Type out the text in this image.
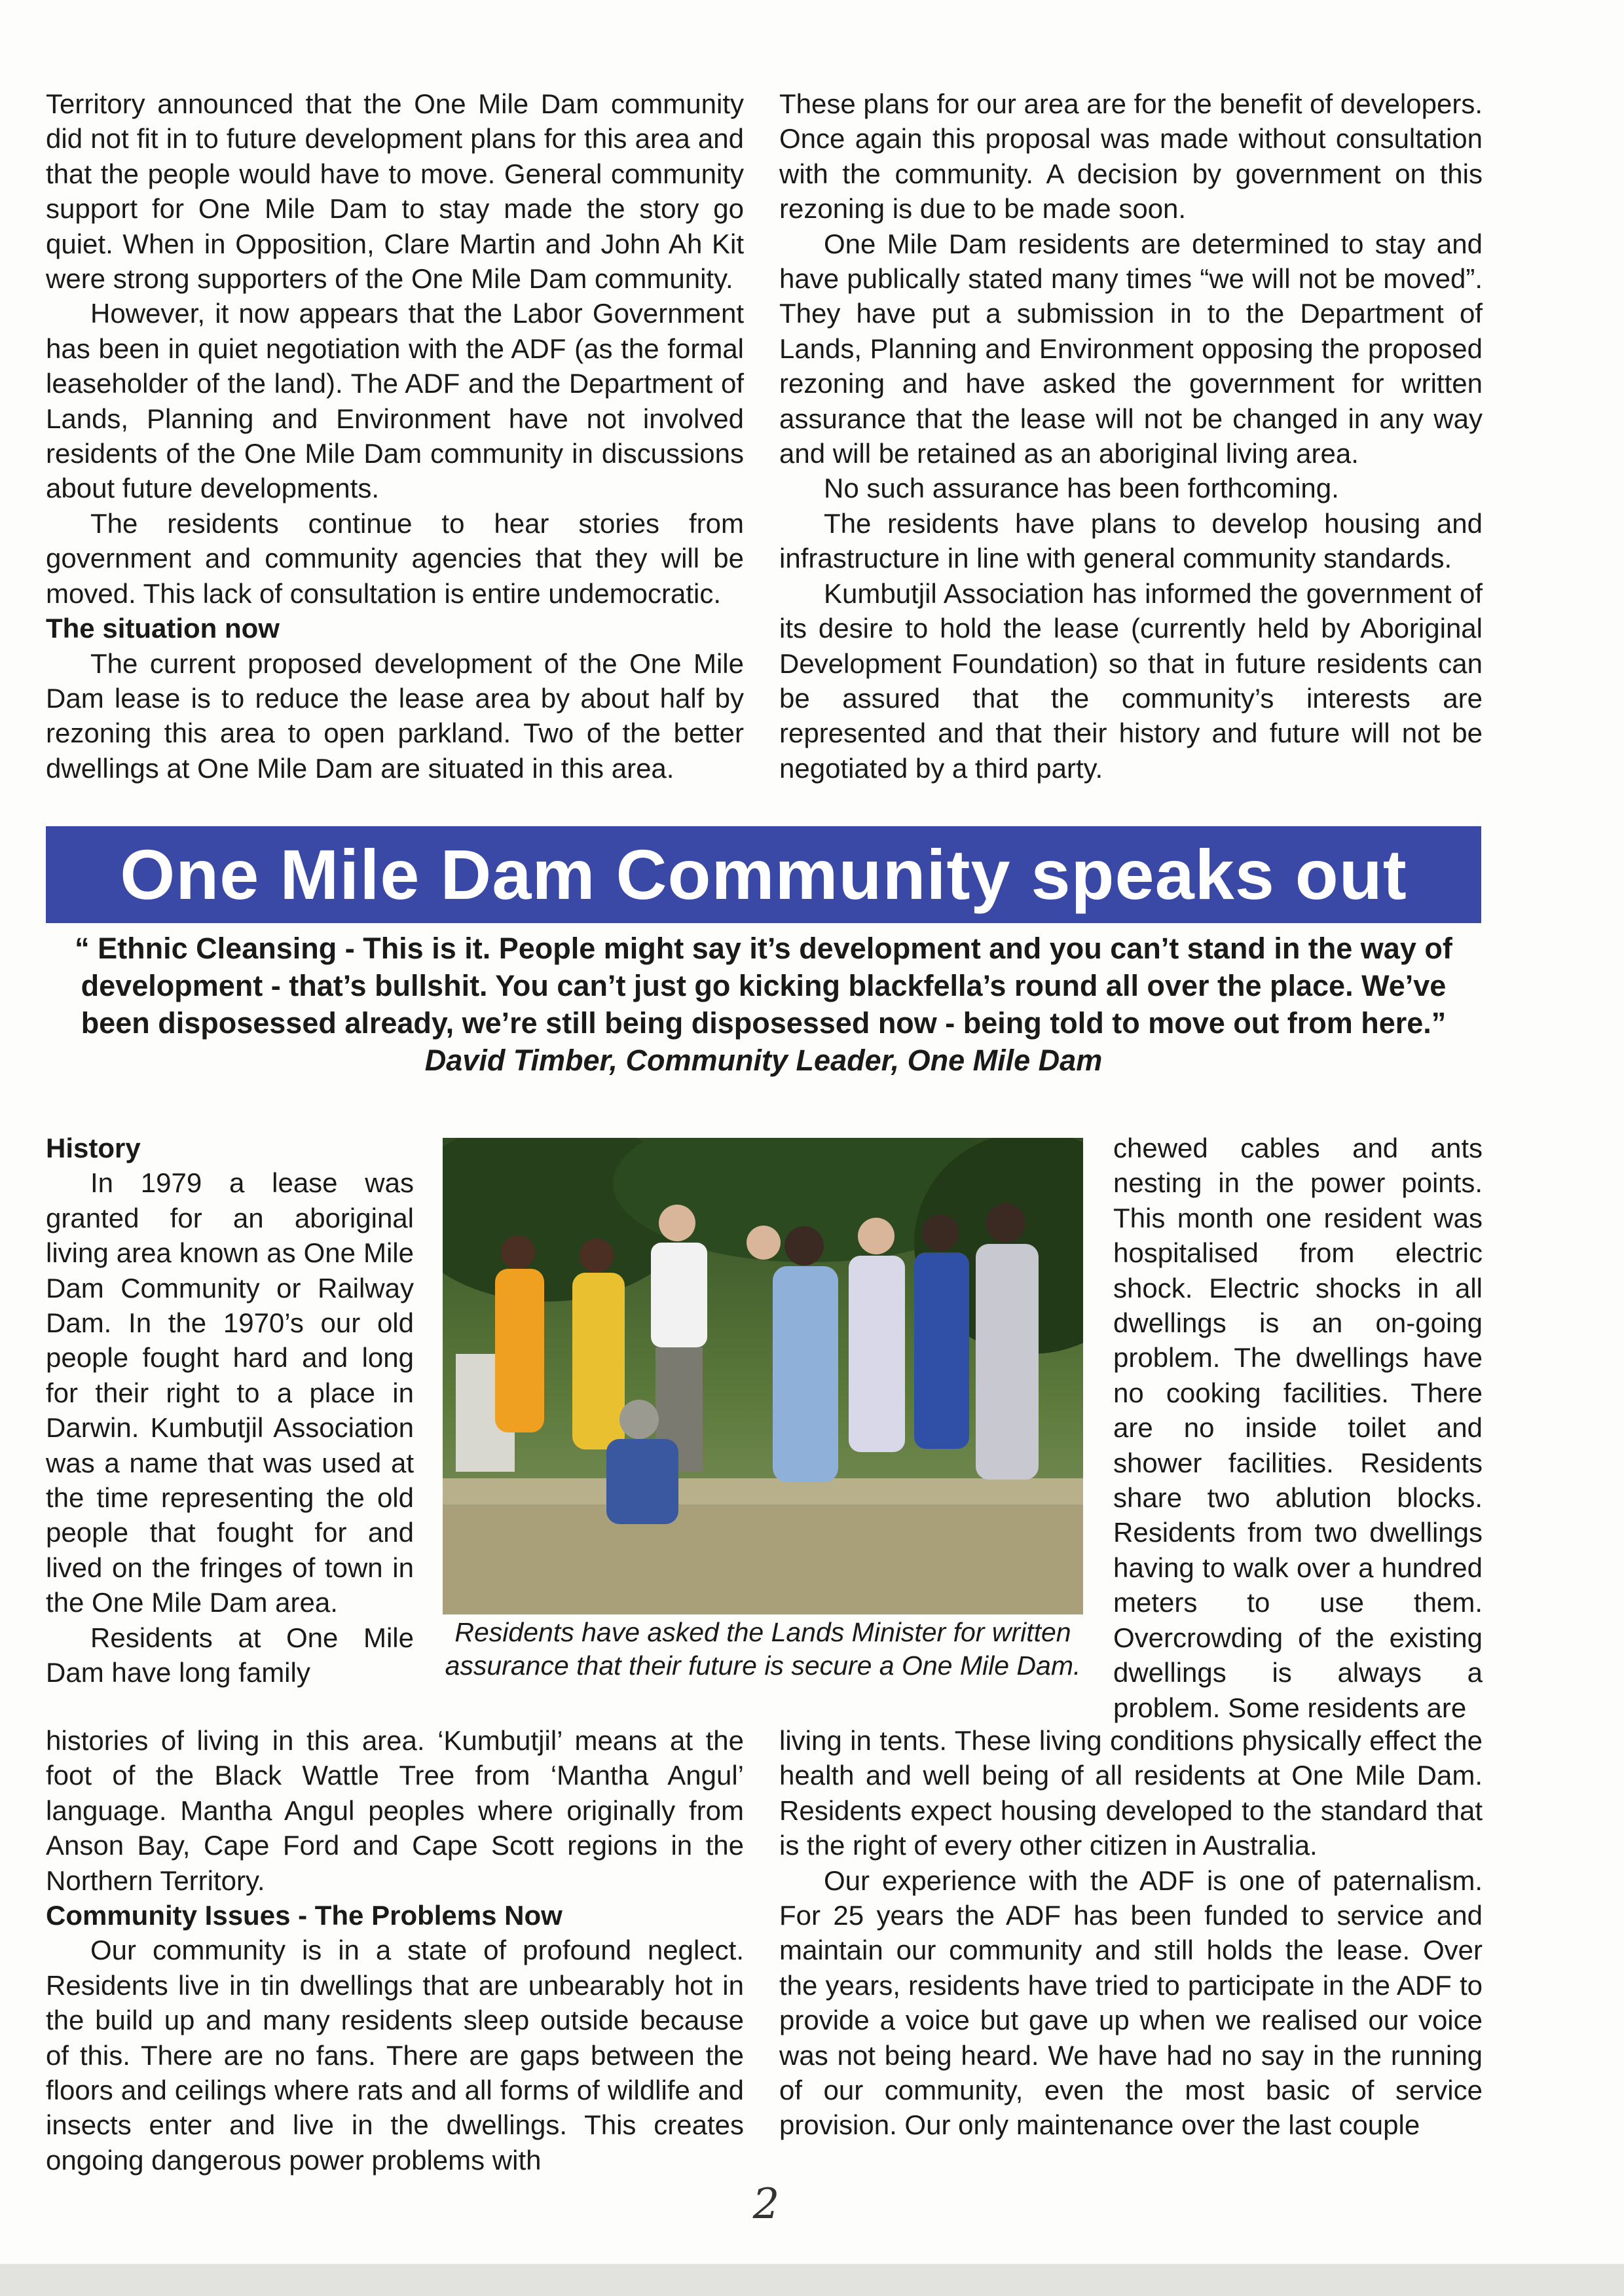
Territory announced that the One Mile Dam community did not fit in to future development plans for this area and that the people would have to move. General community support for One Mile Dam to stay made the story go quiet. When in Opposition, Clare Martin and John Ah Kit were strong supporters of the One Mile Dam community.

However, it now appears that the Labor Government has been in quiet negotiation with the ADF (as the formal leaseholder of the land). The ADF and the Department of Lands, Planning and Environment have not involved residents of the One Mile Dam community in discussions about future developments.

The residents continue to hear stories from government and community agencies that they will be moved. This lack of consultation is entire undemocratic.

The situation now

The current proposed development of the One Mile Dam lease is to reduce the lease area by about half by rezoning this area to open parkland. Two of the better dwellings at One Mile Dam are situated in this area.

These plans for our area are for the benefit of developers. Once again this proposal was made without consultation with the community. A decision by government on this rezoning is due to be made soon.

One Mile Dam residents are determined to stay and have publically stated many times “we will not be moved”. They have put a submission in to the Department of Lands, Planning and Environment opposing the proposed rezoning and have asked the government for written assurance that the lease will not be changed in any way and will be retained as an aboriginal living area.

No such assurance has been forthcoming.

The residents have plans to develop housing and infrastructure in line with general community standards.

Kumbutjil Association has informed the government of its desire to hold the lease (currently held by Aboriginal Development Foundation) so that in future residents can be assured that the community’s interests are represented and that their history and future will not be negotiated by a third party.

One Mile Dam Community speaks out
“ Ethnic Cleansing - This is it. People might say it’s development and you can’t stand in the way of development - that’s bullshit. You can’t just go kicking blackfella’s round all over the place. We’ve been disposessed already, we’re still being disposessed now - being told to move out from here.”
David Timber, Community Leader, One Mile Dam
History

In 1979 a lease was granted for an aboriginal living area known as One Mile Dam Community or Railway Dam. In the 1970’s our old people fought hard and long for their right to a place in Darwin. Kumbutjil Association was a name that was used at the time representing the old people that fought for and lived on the fringes of town in the One Mile Dam area.

Residents at One Mile Dam have long family

Residents have asked the Lands Minister for written assurance that their future is secure a One Mile Dam.

chewed cables and ants nesting in the power points. This month one resident was hospitalised from electric shock. Electric shocks in all dwellings is an on-going problem. The dwellings have no cooking facilities. There are no inside toilet and shower facilities. Residents share two ablution blocks. Residents from two dwellings having to walk over a hundred meters to use them. Overcrowding of the existing dwellings is always a problem. Some residents are

histories of living in this area. ‘Kumbutjil’ means at the foot of the Black Wattle Tree from ‘Mantha Angul’ language. Mantha Angul peoples where originally from Anson Bay, Cape Ford and Cape Scott regions in the Northern Territory.

Community Issues - The Problems Now

Our community is in a state of profound neglect. Residents live in tin dwellings that are unbearably hot in the build up and many residents sleep outside because of this. There are no fans. There are gaps between the floors and ceilings where rats and all forms of wildlife and insects enter and live in the dwellings. This creates ongoing dangerous power problems with

living in tents. These living conditions physically effect the health and well being of all residents at One Mile Dam. Residents expect housing developed to the standard that is the right of every other citizen in Australia.

Our experience with the ADF is one of paternalism. For 25 years the ADF has been funded to service and maintain our community and still holds the lease. Over the years, residents have tried to participate in the ADF to provide a voice but gave up when we realised our voice was not being heard. We have had no say in the running of our community, even the most basic of service provision. Our only maintenance over the last couple

2
